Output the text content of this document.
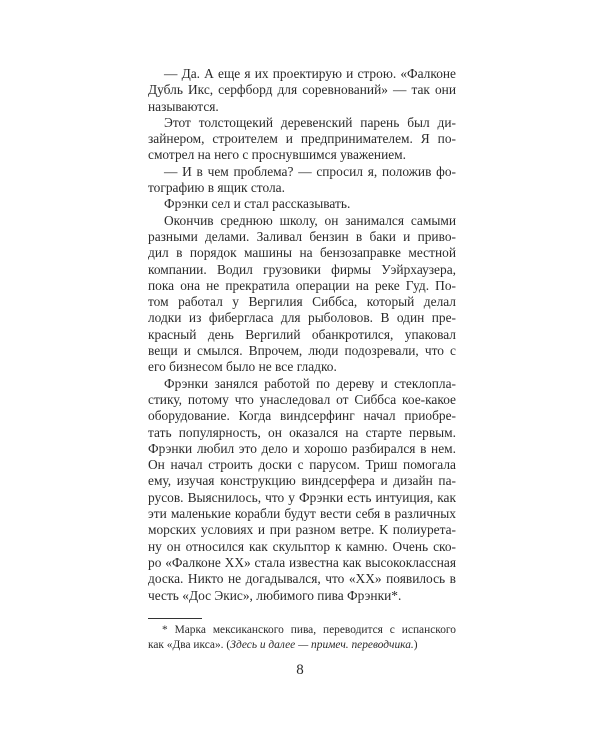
— Да. А еще я их проектирую и строю. «Фалконе
Дубль Икс, серфборд для соревнований» — так они
называются.
Этот толстощекий деревенский парень был ди-
зайнером, строителем и предпринимателем. Я по-
смотрел на него с проснувшимся уважением.
— И в чем проблема? — спросил я, положив фо-
тографию в ящик стола.
Фрэнки сел и стал рассказывать.
Окончив среднюю школу, он занимался самыми
разными делами. Заливал бензин в баки и приво-
дил в порядок машины на бензозаправке местной
компании. Водил грузовики фирмы Уэйрхаузера,
пока она не прекратила операции на реке Гуд. По-
том работал у Вергилия Сиббса, который делал
лодки из фибергласа для рыболовов. В один пре-
красный день Вергилий обанкротился, упаковал
вещи и смылся. Впрочем, люди подозревали, что с
его бизнесом было не все гладко.
Фрэнки занялся работой по дереву и стеклопла-
стику, потому что унаследовал от Сиббса кое-какое
оборудование. Когда виндсерфинг начал приобре-
тать популярность, он оказался на старте первым.
Фрэнки любил это дело и хорошо разбирался в нем.
Он начал строить доски с парусом. Триш помогала
ему, изучая конструкцию виндсерфера и дизайн па-
русов. Выяснилось, что у Фрэнки есть интуиция, как
эти маленькие корабли будут вести себя в различных
морских условиях и при разном ветре. К полиурета-
ну он относился как скульптор к камню. Очень ско-
ро «Фалконе XX» стала известна как высококлассная
доска. Никто не догадывался, что «XX» появилось в
честь «Дос Экис», любимого пива Фрэнки*.
* Марка мексиканского пива, переводится с испанского
как «Два икса». (Здесь и далее — примеч. переводчика.)
8
